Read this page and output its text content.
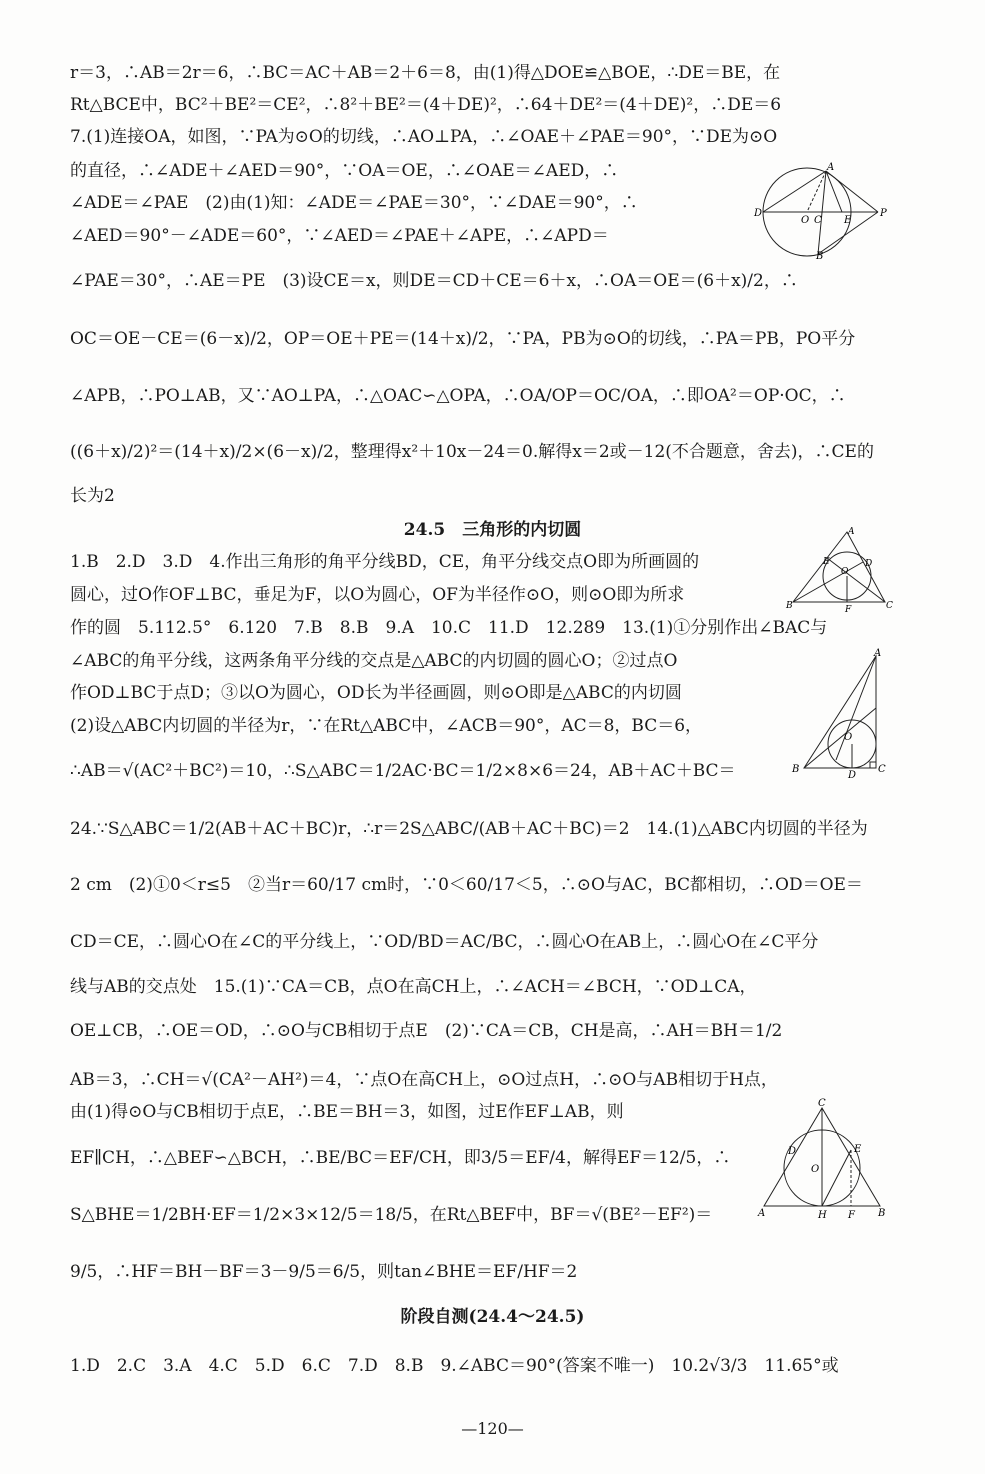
r＝3，∴AB＝2r＝6，∴BC＝AC＋AB＝2＋6＝8，由(1)得△DOE≌△BOE，∴DE＝BE，在
Rt△BCE中，BC²＋BE²＝CE²，∴8²＋BE²＝(4＋DE)²，∴64＋DE²＝(4＋DE)²，∴DE＝6
7.(1)连接OA，如图，∵PA为⊙O的切线，∴AO⊥PA，∴∠OAE＋∠PAE＝90°，∵DE为⊙O
的直径，∴∠ADE＋∠AED＝90°，∵OA＝OE，∴∠OAE＝∠AED，∴
∠ADE＝∠PAE　(2)由(1)知：∠ADE＝∠PAE＝30°，∵∠DAE＝90°，∴
∠AED＝90°－∠ADE＝60°，∵∠AED＝∠PAE＋∠APE，∴∠APD＝
∠PAE＝30°，∴AE＝PE　(3)设CE＝x，则DE＝CD＋CE＝6＋x，∴OA＝OE＝(6＋x)/2，∴
OC＝OE－CE＝(6－x)/2，OP＝OE＋PE＝(14＋x)/2，∵PA，PB为⊙O的切线，∴PA＝PB，PO平分
∠APB，∴PO⊥AB，又∵AO⊥PA，∴△OAC∽△OPA，∴OA/OP＝OC/OA，∴即OA²＝OP·OC，∴
((6＋x)/2)²＝(14＋x)/2×(6－x)/2，整理得x²＋10x－24＝0.解得x＝2或－12(不合题意，舍去)，∴CE的
长为2
24.5　三角形的内切圆
1.B　2.D　3.D　4.作出三角形的角平分线BD，CE，角平分线交点O即为所画圆的
圆心，过O作OF⊥BC，垂足为F，以O为圆心，OF为半径作⊙O，则⊙O即为所求
作的圆　5.112.5°　6.120　7.B　8.B　9.A　10.C　11.D　12.289　13.(1)①分别作出∠BAC与
∠ABC的角平分线，这两条角平分线的交点是△ABC的内切圆的圆心O；②过点O
作OD⊥BC于点D；③以O为圆心，OD长为半径画圆，则⊙O即是△ABC的内切圆
(2)设△ABC内切圆的半径为r，∵在Rt△ABC中，∠ACB＝90°，AC＝8，BC＝6，
∴AB＝√(AC²＋BC²)＝10，∴S△ABC＝1/2AC·BC＝1/2×8×6＝24，AB＋AC＋BC＝
24.∵S△ABC＝1/2(AB＋AC＋BC)r，∴r＝2S△ABC/(AB＋AC＋BC)＝2　14.(1)△ABC内切圆的半径为
2 cm　(2)①0＜r≤5　②当r＝60/17 cm时，∵0＜60/17＜5，∴⊙O与AC，BC都相切，∴OD＝OE＝
CD＝CE，∴圆心O在∠C的平分线上，∵OD/BD＝AC/BC，∴圆心O在AB上，∴圆心O在∠C平分
线与AB的交点处　15.(1)∵CA＝CB，点O在高CH上，∴∠ACH＝∠BCH，∵OD⊥CA，
OE⊥CB，∴OE＝OD，∴⊙O与CB相切于点E　(2)∵CA＝CB，CH是高，∴AH＝BH＝1/2
AB＝3，∴CH＝√(CA²－AH²)＝4，∵点O在高CH上，⊙O过点H，∴⊙O与AB相切于H点，
由(1)得⊙O与CB相切于点E，∴BE＝BH＝3，如图，过E作EF⊥AB，则
EF∥CH，∴△BEF∽△BCH，∴BE/BC＝EF/CH，即3/5＝EF/4，解得EF＝12/5，∴
S△BHE＝1/2BH·EF＝1/2×3×12/5＝18/5，在Rt△BEF中，BF＝√(BE²－EF²)＝
9/5，∴HF＝BH－BF＝3－9/5＝6/5，则tan∠BHE＝EF/HF＝2
阶段自测(24.4～24.5)
1.D　2.C　3.A　4.C　5.D　6.C　7.D　8.B　9.∠ABC＝90°(答案不唯一)　10.2√3/3　11.65°或
—120—
A
D
O C E
P
B
A
E	D
O
B	F	C
A
O
B
D
C
C
D	E
O
A	H F B
